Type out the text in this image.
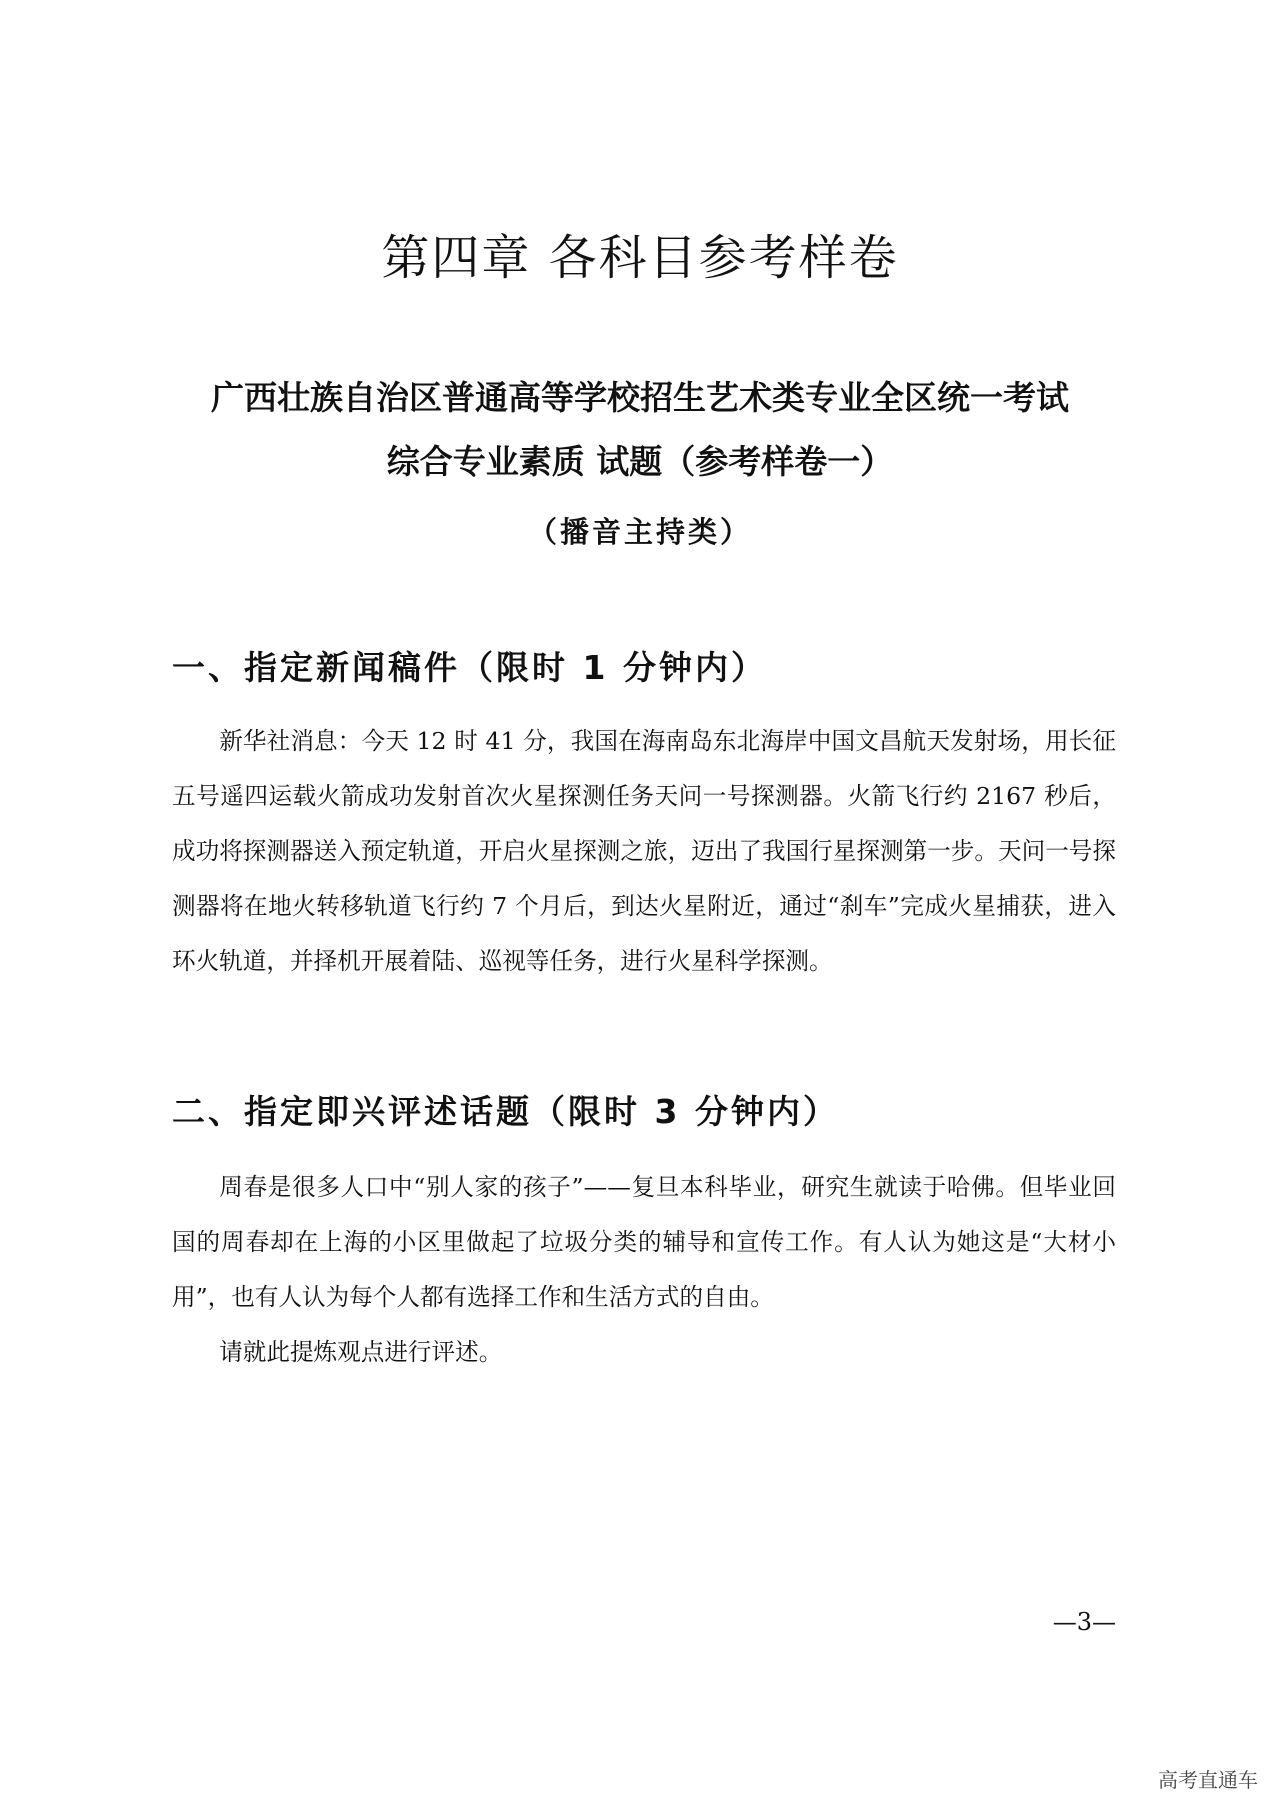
第四章 各科目参考样卷
广西壮族自治区普通高等学校招生艺术类专业全区统一考试
综合专业素质 试题（参考样卷一）
（播音主持类）
一、指定新闻稿件（限时 1 分钟内）

新华社消息：今天 12 时 41 分，我国在海南岛东北海岸中国文昌航天发射场，用长征五号遥四运载火箭成功发射首次火星探测任务天问一号探测器。火箭飞行约 2167 秒后，成功将探测器送入预定轨道，开启火星探测之旅，迈出了我国行星探测第一步。天问一号探测器将在地火转移轨道飞行约 7 个月后，到达火星附近，通过“刹车”完成火星捕获，进入环火轨道，并择机开展着陆、巡视等任务，进行火星科学探测。

二、指定即兴评述话题（限时 3 分钟内）

周春是很多人口中“别人家的孩子”——复旦本科毕业，研究生就读于哈佛。但毕业回国的周春却在上海的小区里做起了垃圾分类的辅导和宣传工作。有人认为她这是“大材小用”，也有人认为每个人都有选择工作和生活方式的自由。

请就此提炼观点进行评述。

—3—
高考直通车
